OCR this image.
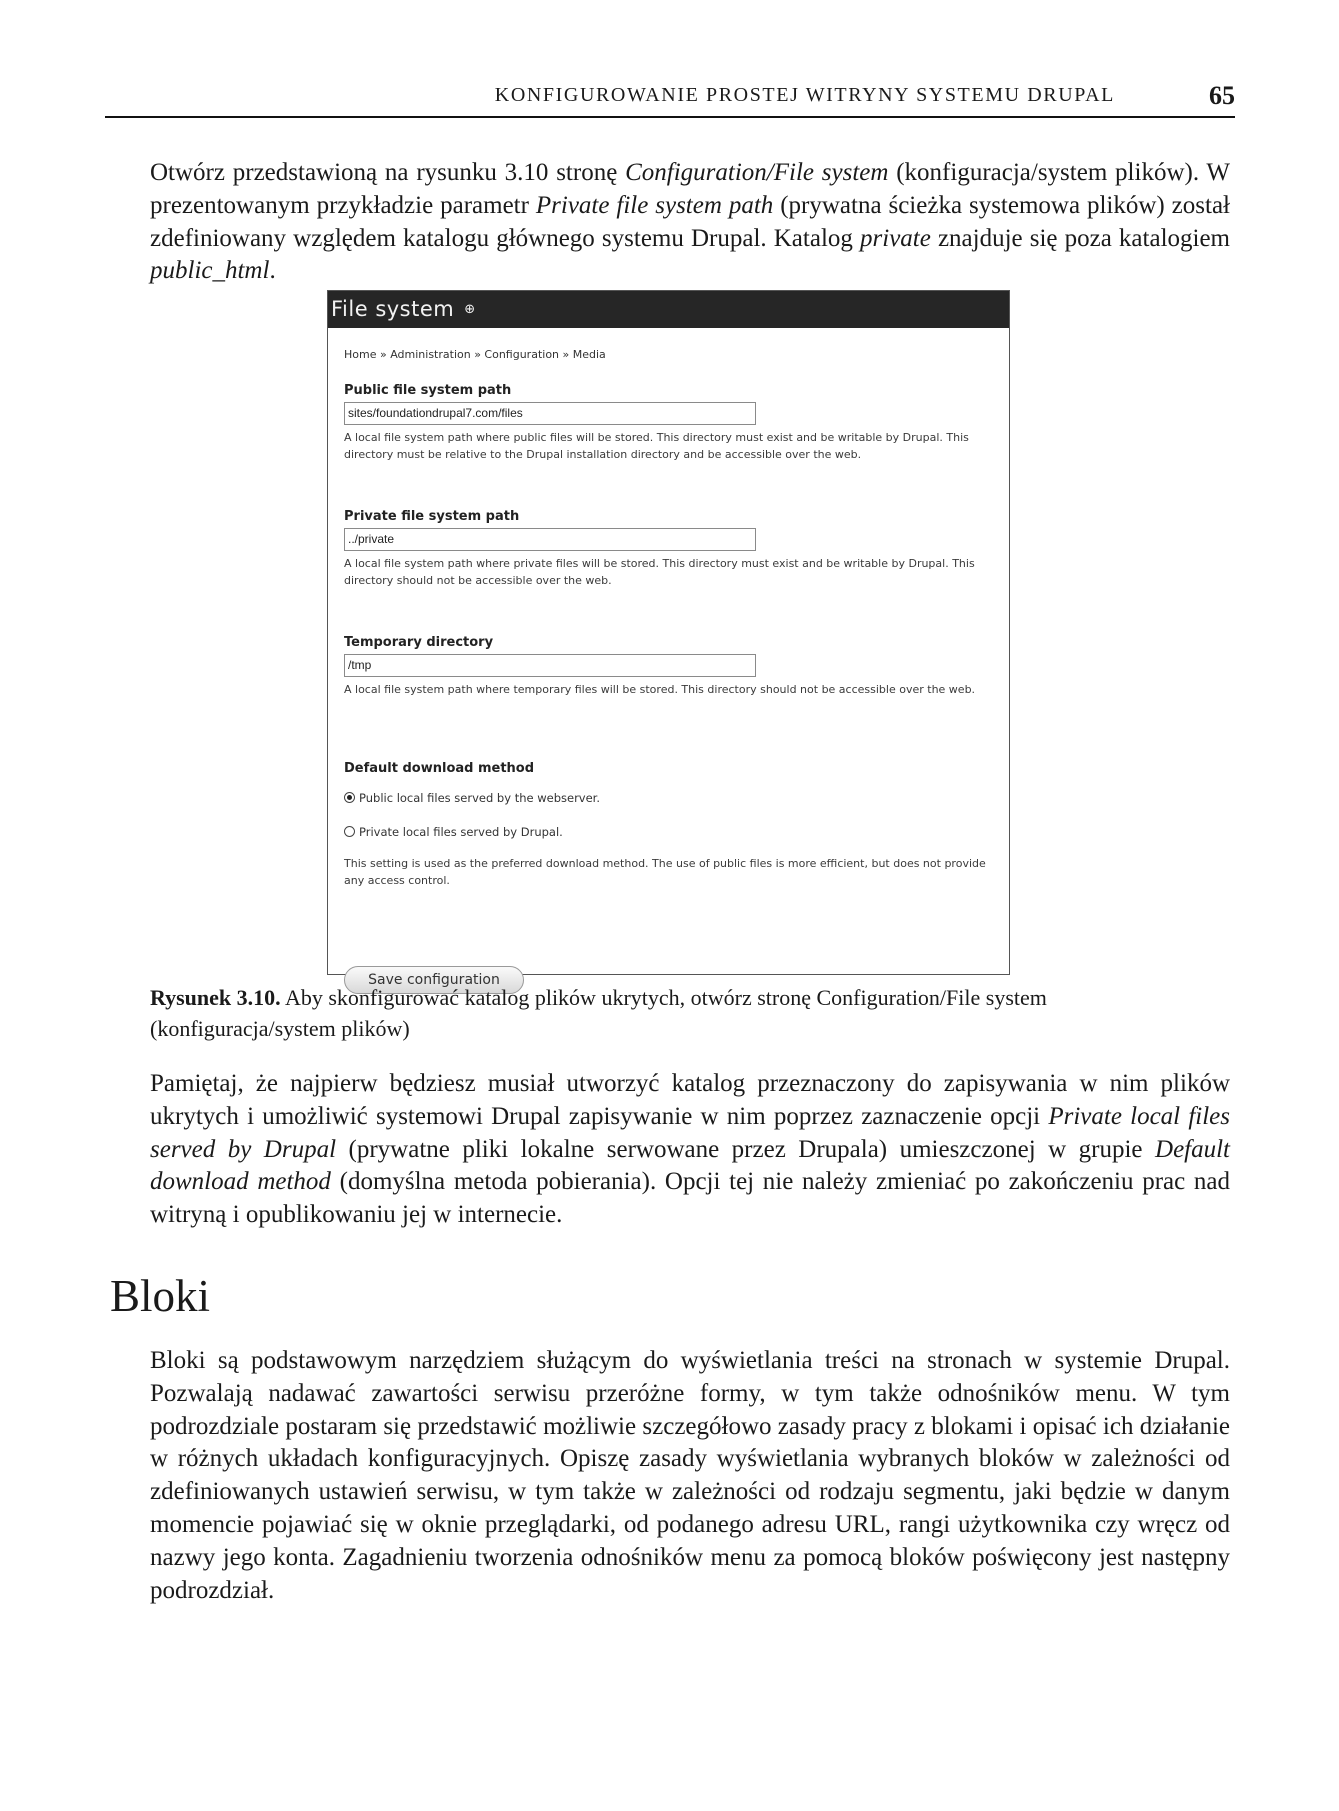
KONFIGUROWANIE PROSTEJ WITRYNY SYSTEMU DRUPAL	65

Otwórz przedstawioną na rysunku 3.10 stronę Configuration/File system (konfiguracja/system plików). W prezentowanym przykładzie parametr Private file system path (prywatna ścieżka systemowa plików) został zdefiniowany względem katalogu głównego systemu Drupal. Katalog private znajduje się poza katalogiem public_html.

File system ⊕
Home » Administration » Configuration » Media
Public file system path
sites/foundationdrupal7.com/files
A local file system path where public files will be stored. This directory must exist and be writable by Drupal. This directory must be relative to the Drupal installation directory and be accessible over the web.
Private file system path
../private
A local file system path where private files will be stored. This directory must exist and be writable by Drupal. This directory should not be accessible over the web.
Temporary directory
/tmp
A local file system path where temporary files will be stored. This directory should not be accessible over the web.
Default download method
Public local files served by the webserver.
Private local files served by Drupal.
This setting is used as the preferred download method. The use of public files is more efficient, but does not provide any access control.
Save configuration

Rysunek 3.10. Aby skonfigurować katalog plików ukrytych, otwórz stronę Configuration/File system (konfiguracja/system plików)

Pamiętaj, że najpierw będziesz musiał utworzyć katalog przeznaczony do zapisywania w nim plików ukrytych i umożliwić systemowi Drupal zapisywanie w nim poprzez zaznaczenie opcji Private local files served by Drupal (prywatne pliki lokalne serwowane przez Drupala) umieszczonej w grupie Default download method (domyślna metoda pobierania). Opcji tej nie należy zmieniać po zakończeniu prac nad witryną i opublikowaniu jej w internecie.

Bloki

Bloki są podstawowym narzędziem służącym do wyświetlania treści na stronach w systemie Drupal. Pozwalają nadawać zawartości serwisu przeróżne formy, w tym także odnośników menu. W tym podrozdziale postaram się przedstawić możliwie szczegółowo zasady pracy z blokami i opisać ich działanie w różnych układach konfiguracyjnych. Opiszę zasady wyświetlania wybranych bloków w zależności od zdefiniowanych ustawień serwisu, w tym także w zależności od rodzaju segmentu, jaki będzie w danym momencie pojawiać się w oknie przeglądarki, od podanego adresu URL, rangi użytkownika czy wręcz od nazwy jego konta. Zagadnieniu tworzenia odnośników menu za pomocą bloków poświęcony jest następny podrozdział.
